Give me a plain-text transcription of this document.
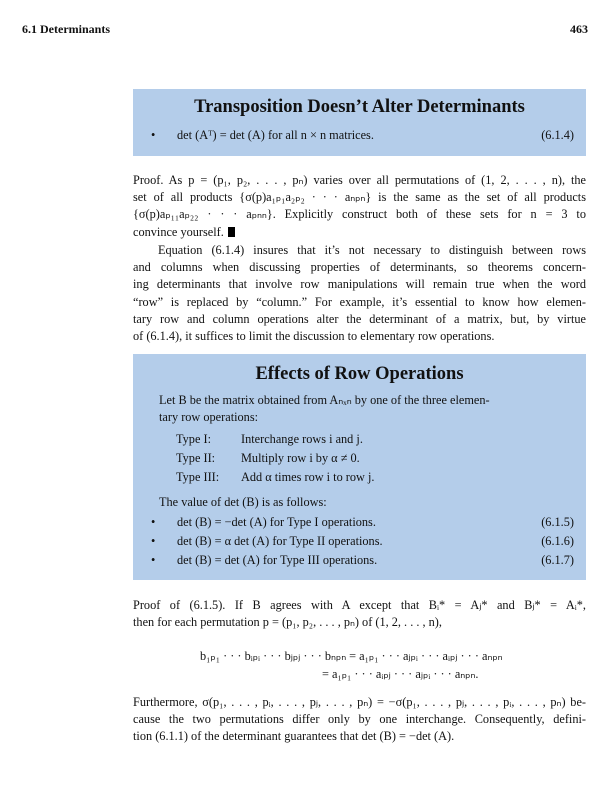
6.1 Determinants	463
Transposition Doesn’t Alter Determinants
• det (Aᵀ) = det (A) for all n × n matrices.	(6.1.4)
Proof. As p = (p₁, p₂, . . . , pₙ) varies over all permutations of (1, 2, . . . , n), the
set of all products {σ(p)a₁ₚ₁a₂ₚ₂ · · · aₙₚₙ} is the same as the set of all products
{σ(p)aₚ₁₁aₚ₂₂ · · · aₚₙₙ}. Explicitly construct both of these sets for n = 3 to
convince yourself.
Equation (6.1.4) insures that it’s not necessary to distinguish between rows
and columns when discussing properties of determinants, so theorems concern-
ing determinants that involve row manipulations will remain true when the word
“row” is replaced by “column.” For example, it’s essential to know how elemen-
tary row and column operations alter the determinant of a matrix, but, by virtue
of (6.1.4), it suffices to limit the discussion to elementary row operations.
Effects of Row Operations
Let B be the matrix obtained from Aₙₓₙ by one of the three elemen-
tary row operations:
Type I: Interchange rows i and j.
Type II: Multiply row i by α ≠ 0.
Type III: Add α times row i to row j.
The value of det (B) is as follows:
• det (B) = −det (A) for Type I operations.	(6.1.5)
• det (B) = α det (A) for Type II operations.	(6.1.6)
• det (B) = det (A) for Type III operations.	(6.1.7)
Proof of (6.1.5). If B agrees with A except that Bᵢ* = Aⱼ* and Bⱼ* = Aᵢ*,
then for each permutation p = (p₁, p₂, . . . , pₙ) of (1, 2, . . . , n),
b₁ₚ₁ · · · bᵢₚᵢ · · · bⱼₚⱼ · · · bₙₚₙ = a₁ₚ₁ · · · aⱼₚᵢ · · · aᵢₚⱼ · · · aₙₚₙ
= a₁ₚ₁ · · · aᵢₚⱼ · · · aⱼₚᵢ · · · aₙₚₙ.
Furthermore, σ(p₁, . . . , pᵢ, . . . , pⱼ, . . . , pₙ) = −σ(p₁, . . . , pⱼ, . . . , pᵢ, . . . , pₙ) be-
cause the two permutations differ only by one interchange. Consequently, defini-
tion (6.1.1) of the determinant guarantees that det (B) = −det (A).
